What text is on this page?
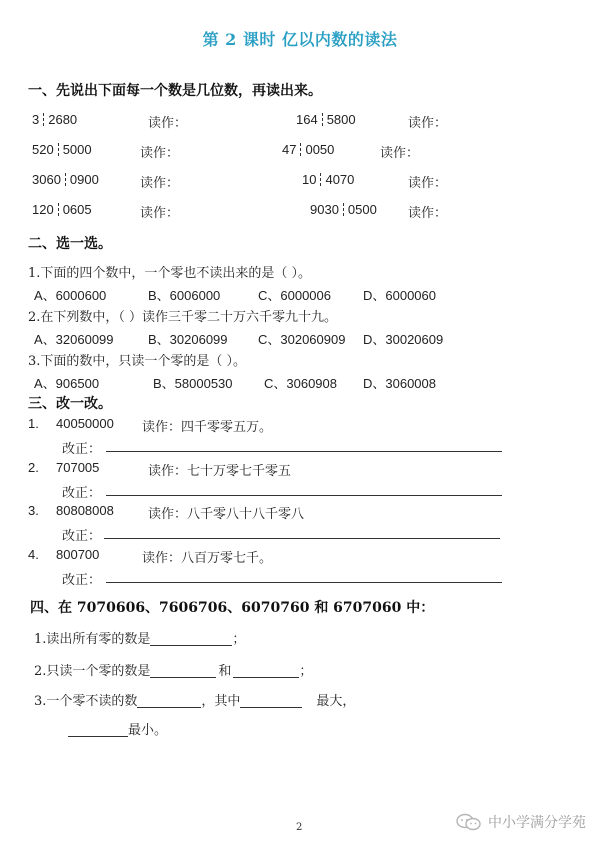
第 2 课时 亿以内数的读法
一、先说出下面每一个数是几位数，再读出来。
3 2680	读作：	164 5800	读作：
520 5000	读作：	47 0050	读作：
3060 0900	读作：	10 4070	读作：
120 0605	读作：	9030 0500 读作：
二、选一选。
1.下面的四个数中，一个零也不读出来的是（ ）。
A、6000600	B、6006000	C、6000006 D、6000060
2.在下列数中，（ ）读作三千零二十万六千零九十九。
A、32060099	B、30206099 C、302060909 D、30020609
3.下面的数中，只读一个零的是（ ）。
A、906500	B、58000530 C、3060908 D、3060008
三、改一改。
1. 40050000 读作：四千零零五万。
改正：
2. 707005	读作：七十万零七千零五
改正：
3. 80808008	读作：八千零八十八千零八
改正：
4. 800700	读作：八百万零七千。
改正：
四、在 7070606、7606706、6070760 和 6707060 中：
1.读出所有零的数是	；
2.只读一个零的数是	和	；
3.一个零不读的数	，其中	最大，
最小。
2	中小学满分学苑
